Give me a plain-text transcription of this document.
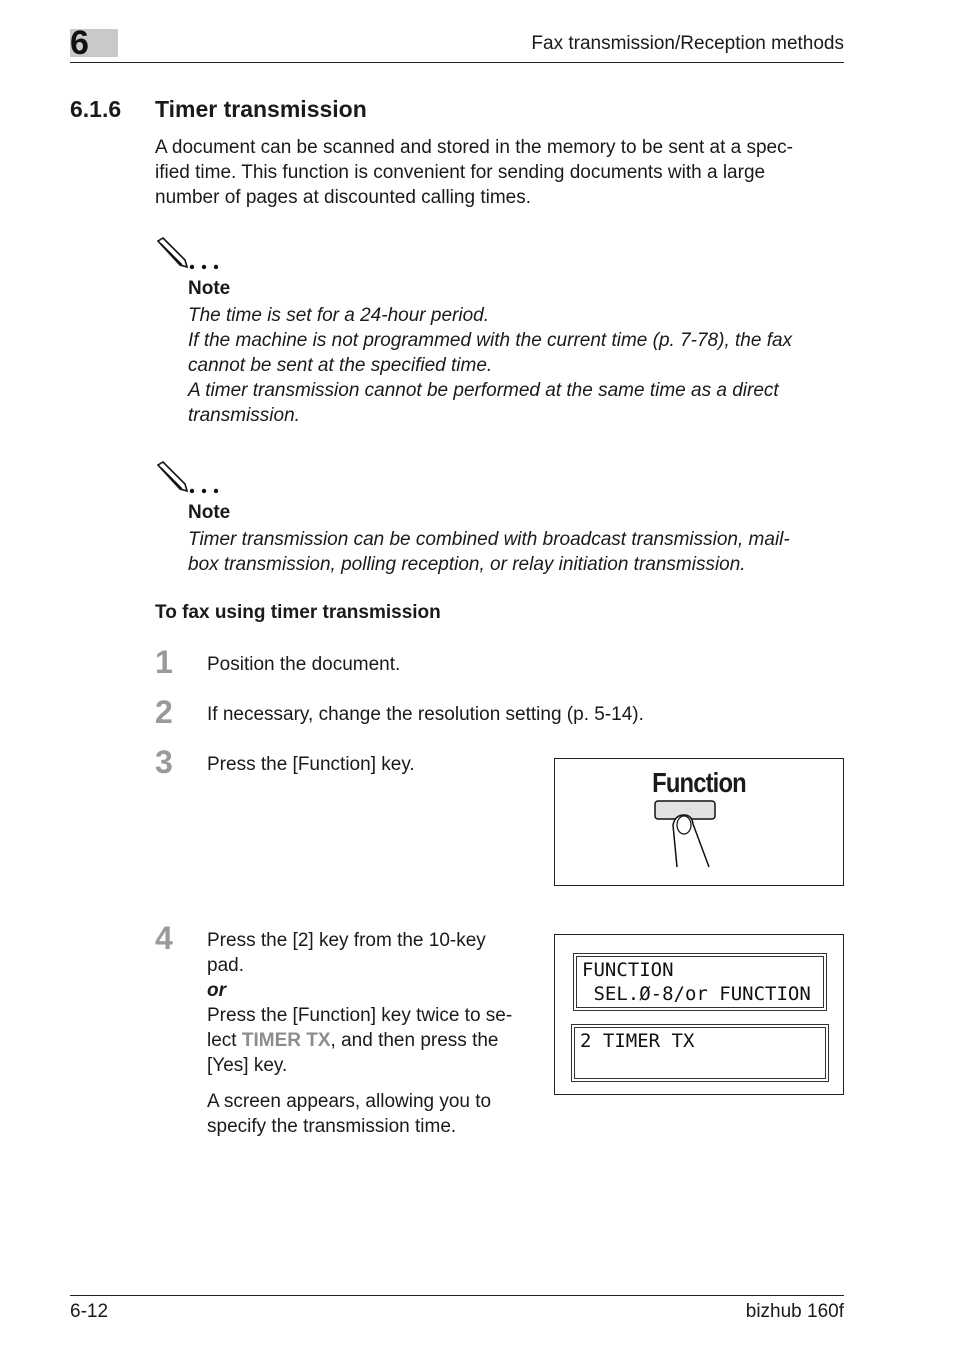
6	Fax transmission/Reception methods
6.1.6 Timer transmission
A document can be scanned and stored in the memory to be sent at a spec-
ified time. This function is convenient for sending documents with a large
number of pages at discounted calling times.
Note
The time is set for a 24-hour period.
If the machine is not programmed with the current time (p. 7-78), the fax
cannot be sent at the specified time.
A timer transmission cannot be performed at the same time as a direct
transmission.
Note
Timer transmission can be combined with broadcast transmission, mail-
box transmission, polling reception, or relay initiation transmission.
To fax using timer transmission
1 Position the document.
2 If necessary, change the resolution setting (p. 5-14).
3 Press the [Function] key.
Function
4 Press the [2] key from the 10-key
pad.
or
Press the [Function] key twice to se-
lect TIMER TX, and then press the
[Yes] key.
A screen appears, allowing you to
specify the transmission time.
FUNCTION
SEL.Ø-8/or FUNCTION
2 TIMER TX
6-12	bizhub 160f
